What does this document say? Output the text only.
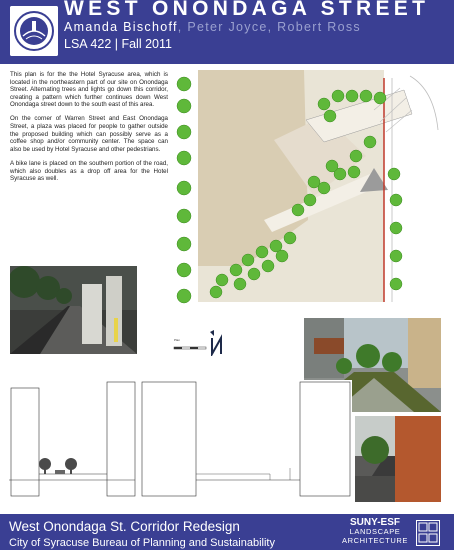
WEST ONONDAGA STREET
Amanda Bischoff, Peter Joyce, Robert Ross
LSA 422 | Fall 2011

This plan is for the the Hotel Syracuse area, which is located in the northeastern part of our site on Onondaga Street. Alternating trees and lights go down this corridor, creating a pattern which further continues down West Onondaga street down to the south east of this area.

On the corner of Warren Street and East Onondaga Street, a plaza was placed for people to gather outside the proposed building which can possibly serve as a coffee shop and/or community center. The space can also be used by Hotel Syracuse and other pedestrians.

A bike lane is placed on the southern portion of the road, which also doubles as a drop off area for the Hotel Syracuse as well.

Plan
West Onondaga St. Corridor Redesign
City of Syracuse Bureau of Planning and Sustainability
SUNY-ESF
LANDSCAPE
ARCHITECTURE
